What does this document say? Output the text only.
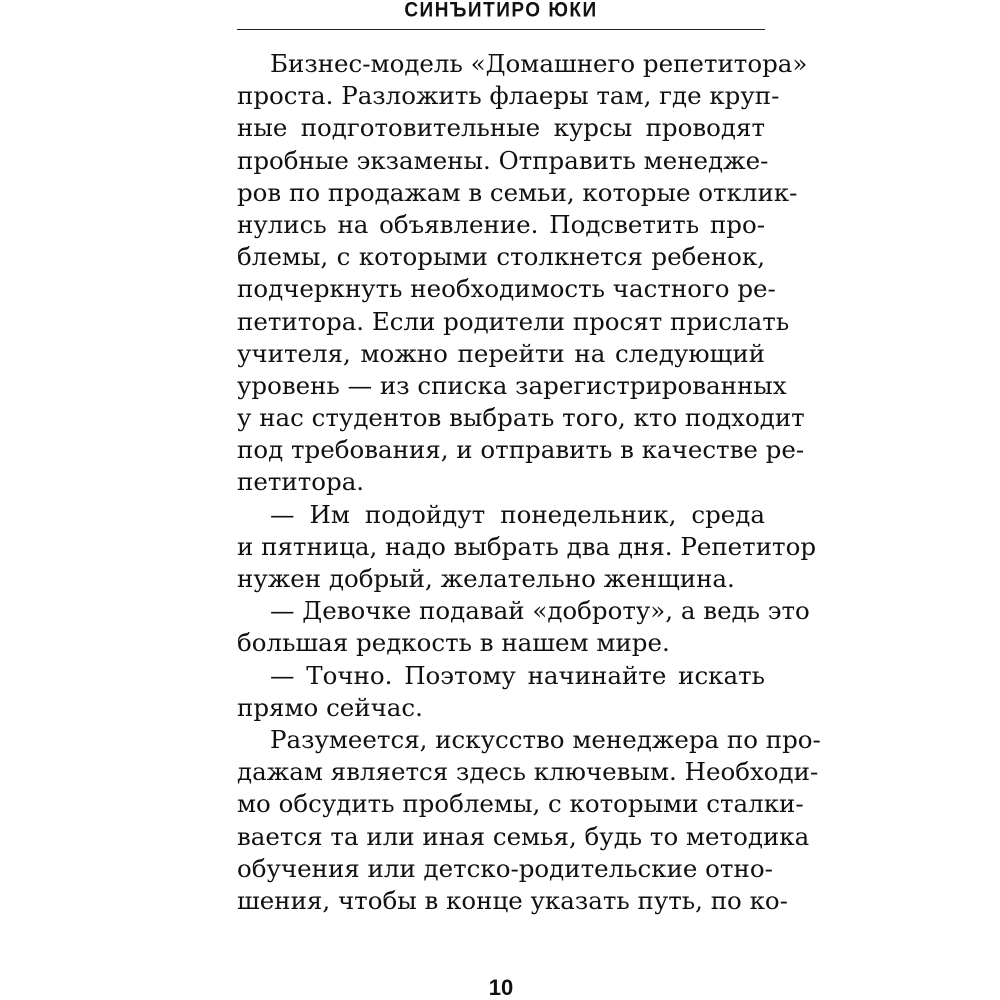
СИНЪИТИРО ЮКИ
Бизнес-модель «Домашнего репетитора»
проста. Разложить флаеры там, где круп-
ные подготовительные курсы проводят
пробные экзамены. Отправить менедже-
ров по продажам в семьи, которые отклик-
нулись на объявление. Подсветить про-
блемы, с которыми столкнется ребенок,
подчеркнуть необходимость частного ре-
петитора. Если родители просят прислать
учителя, можно перейти на следующий
уровень — из списка зарегистрированных
у нас студентов выбрать того, кто подходит
под требования, и отправить в качестве ре-
петитора.
— Им подойдут понедельник, среда
и пятница, надо выбрать два дня. Репетитор
нужен добрый, желательно женщина.
— Девочке подавай «доброту», а ведь это
большая редкость в нашем мире.
— Точно. Поэтому начинайте искать
прямо сейчас.
Разумеется, искусство менеджера по про-
дажам является здесь ключевым. Необходи-
мо обсудить проблемы, с которыми сталки-
вается та или иная семья, будь то методика
обучения или детско-родительские отно-
шения, чтобы в конце указать путь, по ко-
10
